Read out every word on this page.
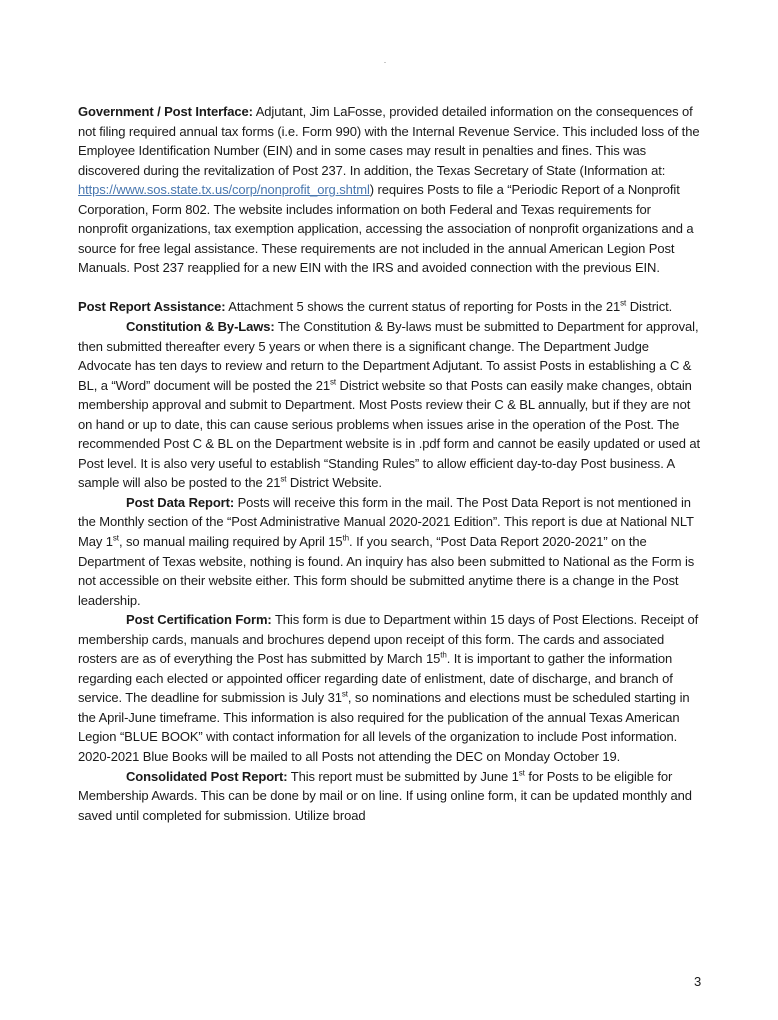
Government / Post Interface: Adjutant, Jim LaFosse, provided detailed information on the consequences of not filing required annual tax forms (i.e. Form 990) with the Internal Revenue Service. This included loss of the Employee Identification Number (EIN) and in some cases may result in penalties and fines. This was discovered during the revitalization of Post 237. In addition, the Texas Secretary of State (Information at: https://www.sos.state.tx.us/corp/nonprofit_org.shtml) requires Posts to file a “Periodic Report of a Nonprofit Corporation, Form 802. The website includes information on both Federal and Texas requirements for nonprofit organizations, tax exemption application, accessing the association of nonprofit organizations and a source for free legal assistance. These requirements are not included in the annual American Legion Post Manuals. Post 237 reapplied for a new EIN with the IRS and avoided connection with the previous EIN.

Post Report Assistance: Attachment 5 shows the current status of reporting for Posts in the 21st District.

Constitution & By-Laws: The Constitution & By-laws must be submitted to Department for approval, then submitted thereafter every 5 years or when there is a significant change. The Department Judge Advocate has ten days to review and return to the Department Adjutant. To assist Posts in establishing a C & BL, a “Word” document will be posted the 21st District website so that Posts can easily make changes, obtain membership approval and submit to Department. Most Posts review their C & BL annually, but if they are not on hand or up to date, this can cause serious problems when issues arise in the operation of the Post. The recommended Post C & BL on the Department website is in .pdf form and cannot be easily updated or used at Post level. It is also very useful to establish “Standing Rules” to allow efficient day-to-day Post business. A sample will also be posted to the 21st District Website.

Post Data Report: Posts will receive this form in the mail. The Post Data Report is not mentioned in the Monthly section of the “Post Administrative Manual 2020-2021 Edition”. This report is due at National NLT May 1st, so manual mailing required by April 15th. If you search, “Post Data Report 2020-2021” on the Department of Texas website, nothing is found. An inquiry has also been submitted to National as the Form is not accessible on their website either. This form should be submitted anytime there is a change in the Post leadership.

Post Certification Form: This form is due to Department within 15 days of Post Elections. Receipt of membership cards, manuals and brochures depend upon receipt of this form. The cards and associated rosters are as of everything the Post has submitted by March 15th. It is important to gather the information regarding each elected or appointed officer regarding date of enlistment, date of discharge, and branch of service. The deadline for submission is July 31st, so nominations and elections must be scheduled starting in the April-June timeframe. This information is also required for the publication of the annual Texas American Legion “BLUE BOOK” with contact information for all levels of the organization to include Post information. 2020-2021 Blue Books will be mailed to all Posts not attending the DEC on Monday October 19.

Consolidated Post Report: This report must be submitted by June 1st for Posts to be eligible for Membership Awards. This can be done by mail or on line. If using online form, it can be updated monthly and saved until completed for submission. Utilize broad

3
